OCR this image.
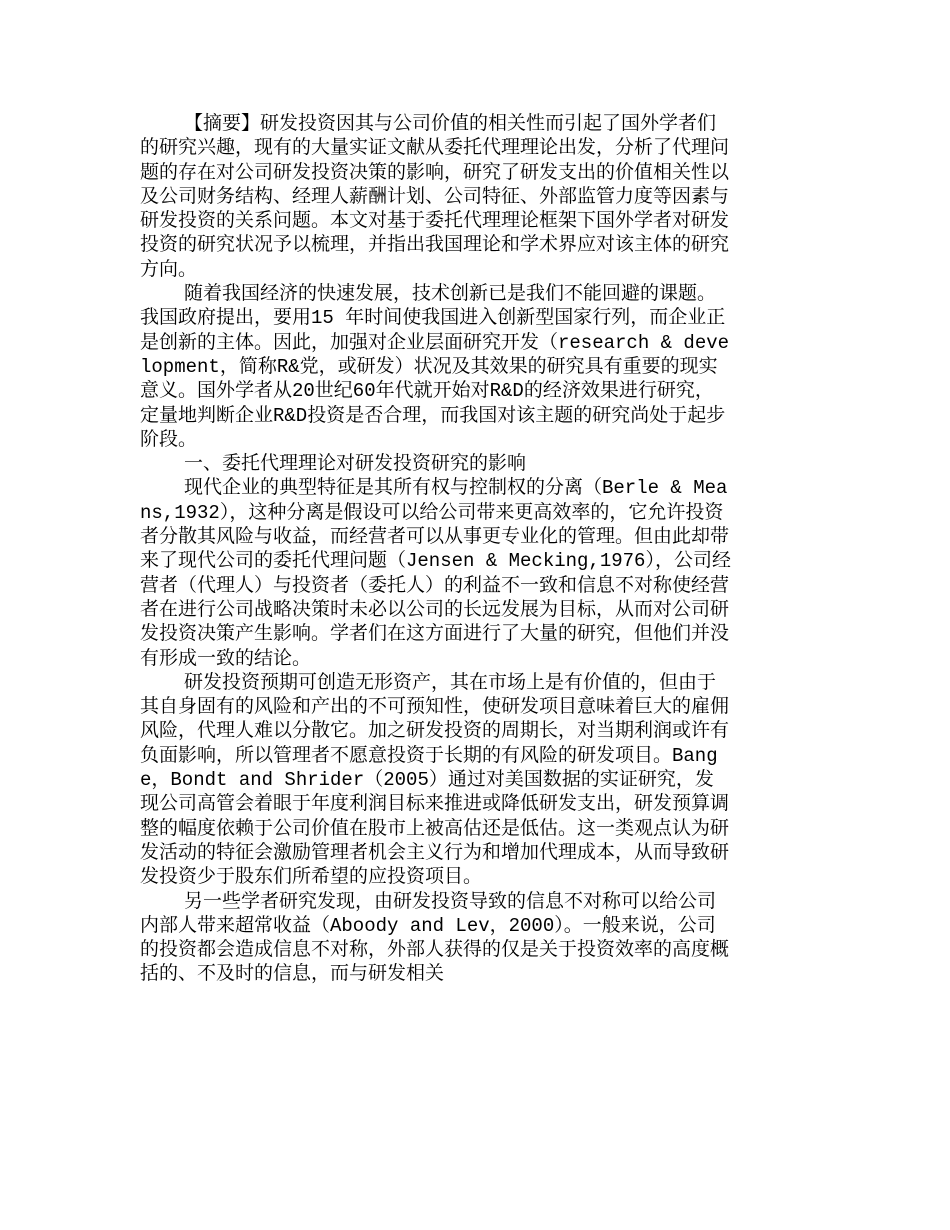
【摘要】研发投资因其与公司价值的相关性而引起了国外学者们的研究兴趣，现有的大量实证文献从委托代理理论出发，分析了代理问题的存在对公司研发投资决策的影响，研究了研发支出的价值相关性以及公司财务结构、经理人薪酬计划、公司特征、外部监管力度等因素与研发投资的关系问题。本文对基于委托代理理论框架下国外学者对研发投资的研究状况予以梳理，并指出我国理论和学术界应对该主体的研究方向。

随着我国经济的快速发展，技术创新已是我们不能回避的课题。我国政府提出，要用15 年时间使我国进入创新型国家行列，而企业正是创新的主体。因此，加强对企业层面研究开发（research & development，简称R&党，或研发）状况及其效果的研究具有重要的现实意义。国外学者从20世纪60年代就开始对R&D的经济效果进行研究，定量地判断企业R&D投资是否合理，而我国对该主题的研究尚处于起步阶段。

一、委托代理理论对研发投资研究的影响

现代企业的典型特征是其所有权与控制权的分离（Berle & Means,1932），这种分离是假设可以给公司带来更高效率的，它允许投资者分散其风险与收益，而经营者可以从事更专业化的管理。但由此却带来了现代公司的委托代理问题（Jensen & Mecking,1976），公司经营者（代理人）与投资者（委托人）的利益不一致和信息不对称使经营者在进行公司战略决策时未必以公司的长远发展为目标，从而对公司研发投资决策产生影响。学者们在这方面进行了大量的研究，但他们并没有形成一致的结论。

研发投资预期可创造无形资产，其在市场上是有价值的，但由于其自身固有的风险和产出的不可预知性，使研发项目意味着巨大的雇佣风险，代理人难以分散它。加之研发投资的周期长，对当期利润或许有负面影响，所以管理者不愿意投资于长期的有风险的研发项目。Bange，Bondt and Shrider（2005）通过对美国数据的实证研究，发现公司高管会着眼于年度利润目标来推进或降低研发支出，研发预算调整的幅度依赖于公司价值在股市上被高估还是低估。这一类观点认为研发活动的特征会激励管理者机会主义行为和增加代理成本，从而导致研发投资少于股东们所希望的应投资项目。

另一些学者研究发现，由研发投资导致的信息不对称可以给公司内部人带来超常收益（Aboody and Lev，2000）。一般来说，公司的投资都会造成信息不对称，外部人获得的仅是关于投资效率的高度概括的、不及时的信息，而与研发相关
